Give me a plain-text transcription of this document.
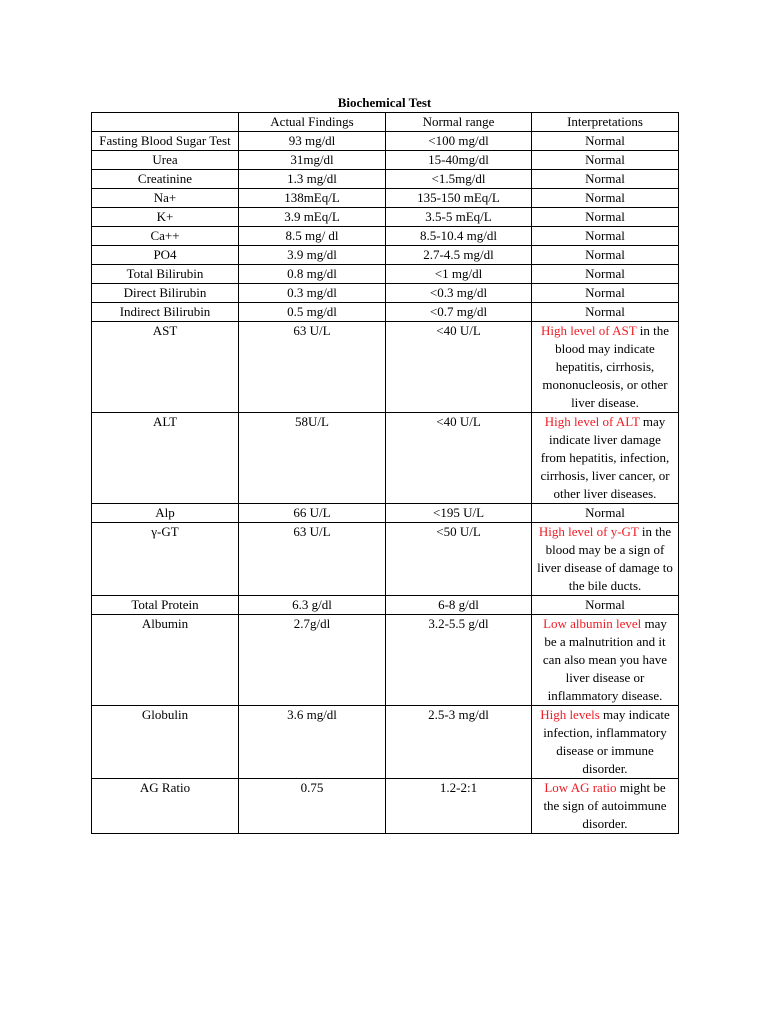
Biochemical Test
	Actual Findings	Normal range	Interpretations
Fasting Blood Sugar Test	93 mg/dl	<100 mg/dl	Normal
Urea	31mg/dl	15-40mg/dl	Normal
Creatinine	1.3 mg/dl	<1.5mg/dl	Normal
Na+	138mEq/L	135-150 mEq/L	Normal
K+	3.9 mEq/L	3.5-5 mEq/L	Normal
Ca++	8.5 mg/ dl	8.5-10.4 mg/dl	Normal
PO4	3.9 mg/dl	2.7-4.5 mg/dl	Normal
Total Bilirubin	0.8 mg/dl	<1 mg/dl	Normal
Direct Bilirubin	0.3 mg/dl	<0.3 mg/dl	Normal
Indirect Bilirubin	0.5 mg/dl	<0.7 mg/dl	Normal
AST	63 U/L	<40 U/L	High level of AST in the blood may indicate hepatitis, cirrhosis, mononucleosis, or other liver disease.
ALT	58U/L	<40 U/L	High level of ALT may indicate liver damage from hepatitis, infection, cirrhosis, liver cancer, or other liver diseases.
Alp	66 U/L	<195 U/L	Normal
γ-GT	63 U/L	<50 U/L	High level of y-GT in the blood may be a sign of liver disease of damage to the bile ducts.
Total Protein	6.3 g/dl	6-8 g/dl	Normal
Albumin	2.7g/dl	3.2-5.5 g/dl	Low albumin level may be a malnutrition and it can also mean you have liver disease or inflammatory disease.
Globulin	3.6 mg/dl	2.5-3 mg/dl	High levels may indicate infection, inflammatory disease or immune disorder.
AG Ratio	0.75	1.2-2:1	Low AG ratio might be the sign of autoimmune disorder.
